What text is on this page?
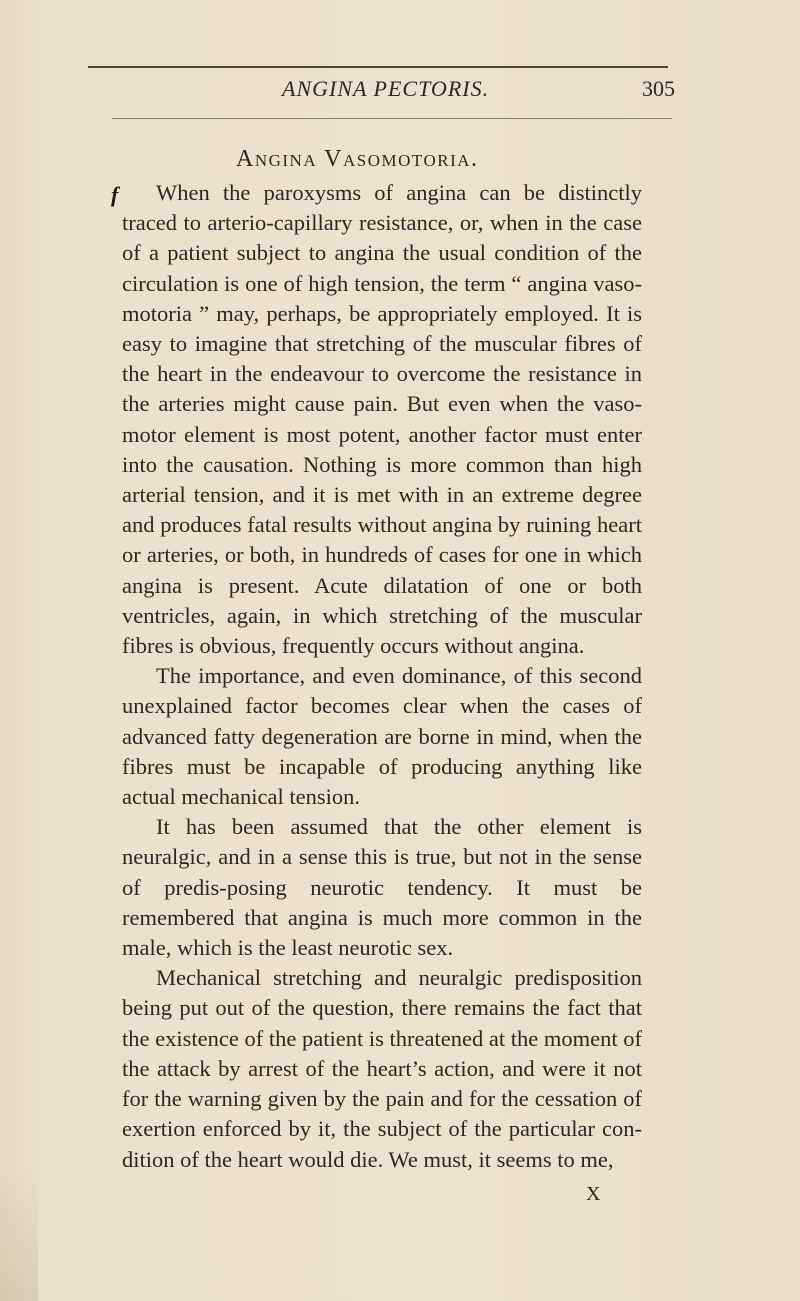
ANGINA PECTORIS.	305
Angina Vasomotoria.
f	When the paroxysms of angina can be distinctly traced to arterio-capillary resistance, or, when in the case of a patient subject to angina the usual condition of the circulation is one of high tension, the term “ angina vaso-motoria ” may, perhaps, be appropriately employed. It is easy to imagine that stretching of the muscular fibres of the heart in the endeavour to overcome the resistance in the arteries might cause pain. But even when the vaso-motor element is most potent, another factor must enter into the causation. Nothing is more common than high arterial tension, and it is met with in an extreme degree and produces fatal results without angina by ruining heart or arteries, or both, in hundreds of cases for one in which angina is present. Acute dilatation of one or both ventricles, again, in which stretching of the muscular fibres is obvious, frequently occurs without angina.

The importance, and even dominance, of this second unexplained factor becomes clear when the cases of advanced fatty degeneration are borne in mind, when the fibres must be incapable of producing anything like actual mechanical tension.

It has been assumed that the other element is neuralgic, and in a sense this is true, but not in the sense of predis-posing neurotic tendency. It must be remembered that angina is much more common in the male, which is the least neurotic sex.

Mechanical stretching and neuralgic predisposition being put out of the question, there remains the fact that the existence of the patient is threatened at the moment of the attack by arrest of the heart’s action, and were it not for the warning given by the pain and for the cessation of exertion enforced by it, the subject of the particular con-dition of the heart would die. We must, it seems to me,

X
